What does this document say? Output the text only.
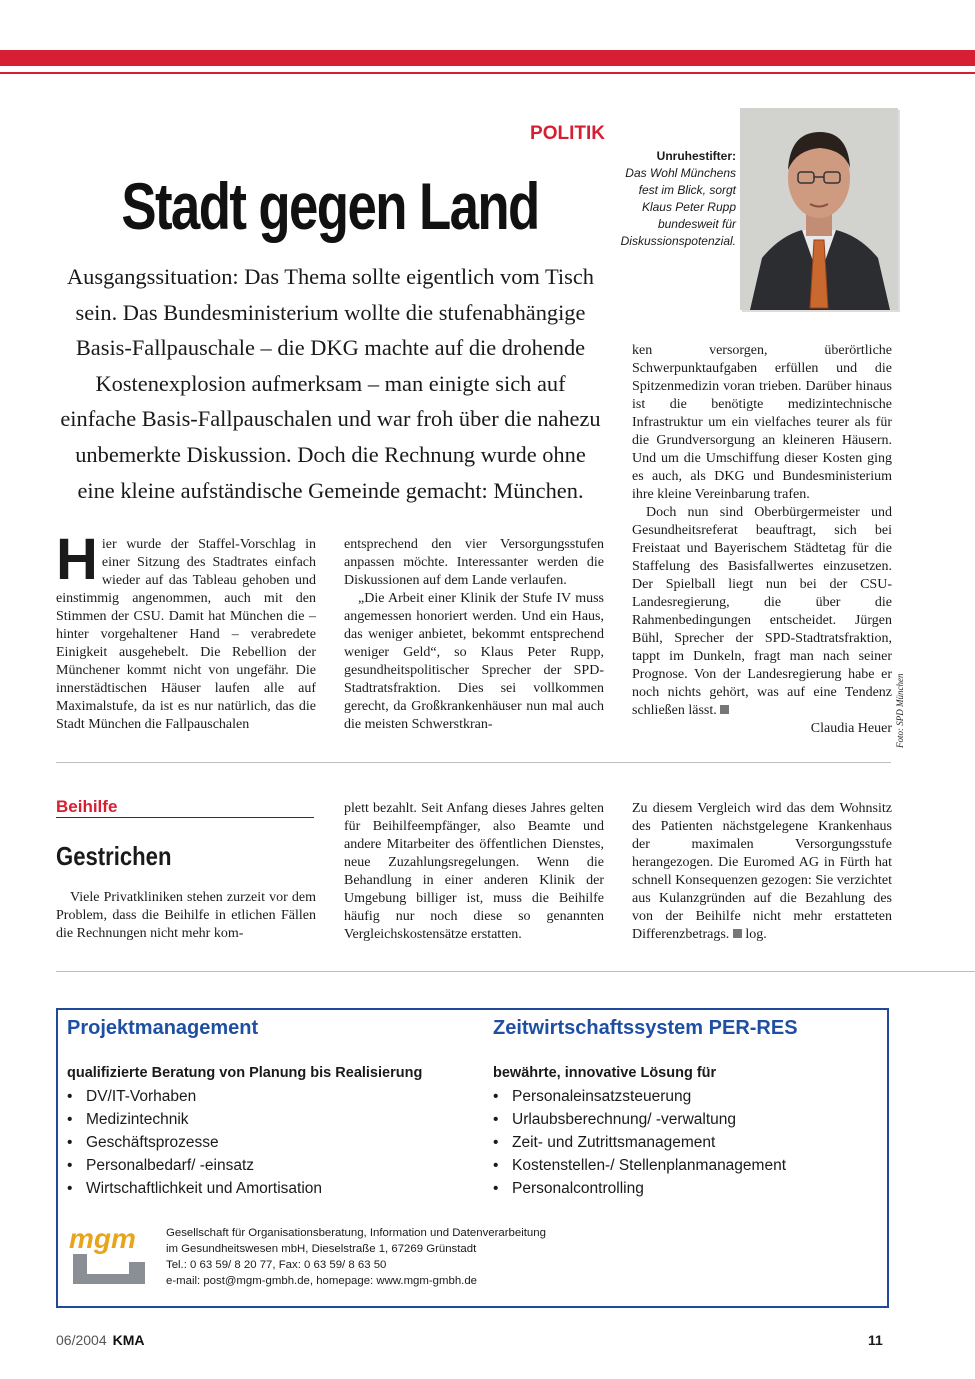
POLITIK
Stadt gegen Land
Ausgangssituation: Das Thema sollte eigentlich vom Tisch sein. Das Bundesministerium wollte die stufenabhängige Basis-Fallpauschale – die DKG machte auf die drohende Kostenexplosion aufmerksam – man einigte sich auf einfache Basis-Fallpauschalen und war froh über die nahezu unbemerkte Diskussion. Doch die Rechnung wurde ohne eine kleine aufständische Gemeinde gemacht: München.
Unruhestifter:
Das Wohl Münchens fest im Blick, sorgt Klaus Peter Rupp bundesweit für Diskussionspotenzial.
Hier wurde der Staffel-Vorschlag in einer Sitzung des Stadtrates einfach wieder auf das Tableau gehoben und einstimmig angenommen, auch mit den Stimmen der CSU. Damit hat München die – hinter vorgehaltener Hand – verabredete Einigkeit ausgehebelt. Die Rebellion der Münchener kommt nicht von ungefähr. Die innerstädtischen Häuser laufen alle auf Maximalstufe, da ist es nur natürlich, das die Stadt München die Fallpauschalen

entsprechend den vier Versorgungsstufen anpassen möchte. Interessanter werden die Diskussionen auf dem Lande verlaufen.

„Die Arbeit einer Klinik der Stufe IV muss angemessen honoriert werden. Und ein Haus, das weniger anbietet, bekommt entsprechend weniger Geld“, so Klaus Peter Rupp, gesundheitspolitischer Sprecher der SPD-Stadtratsfraktion. Dies sei vollkommen gerecht, da Großkrankenhäuser nun mal auch die meisten Schwerstkran-

ken versorgen, überörtliche Schwerpunktaufgaben erfüllen und die Spitzenmedizin voran trieben. Darüber hinaus ist die benötigte medizintechnische Infrastruktur um ein vielfaches teurer als für die Grundversorgung an kleineren Häusern. Und um die Umschiffung dieser Kosten ging es auch, als DKG und Bundesministerium ihre kleine Vereinbarung trafen.

Doch nun sind Oberbürgermeister und Gesundheitsreferat beauftragt, sich bei Freistaat und Bayerischem Städtetag für die Staffelung des Basisfallwertes einzusetzen. Der Spielball liegt nun bei der CSU-Landesregierung, die über die Rahmenbedingungen entscheidet. Jürgen Bühl, Sprecher der SPD-Stadtratsfraktion, tappt im Dunkeln, fragt man nach seiner Prognose. Von der Landesregierung habe er noch nichts gehört, was auf eine Tendenz schließen lässt.

Claudia Heuer Foto: SPD München
Beihilfe
Gestrichen

Viele Privatkliniken stehen zurzeit vor dem Problem, dass die Beihilfe in etlichen Fällen die Rechnungen nicht mehr kom-

plett bezahlt. Seit Anfang dieses Jahres gelten für Beihilfeempfänger, also Beamte und andere Mitarbeiter des öffentlichen Dienstes, neue Zuzahlungsregelungen. Wenn die Behandlung in einer anderen Klinik der Umgebung billiger ist, muss die Beihilfe häufig nur noch diese so genannten Vergleichskostensätze erstatten.

Zu diesem Vergleich wird das dem Wohnsitz des Patienten nächstgelegene Krankenhaus der maximalen Versorgungsstufe herangezogen. Die Euromed AG in Fürth hat schnell Konsequenzen gezogen: Sie verzichtet aus Kulanzgründen auf die Bezahlung des von der Beihilfe nicht mehr erstatteten Differenzbetrags. log.

Projektmanagement
qualifizierte Beratung von Planung bis Realisierung
• DV/IT-Vorhaben
• Medizintechnik
• Geschäftsprozesse
• Personalbedarf/ -einsatz
• Wirtschaftlichkeit und Amortisation
Zeitwirtschaftssystem PER-RES
bewährte, innovative Lösung für
• Personaleinsatzsteuerung
• Urlaubsberechnung/ -verwaltung
• Zeit- und Zutrittsmanagement
• Kostenstellen-/ Stellenplanmanagement
• Personalcontrolling
mgm	Gesellschaft für Organisationsberatung, Information und Datenverarbeitung
im Gesundheitswesen mbH, Dieselstraße 1, 67269 Grünstadt
Tel.: 0 63 59/ 8 20 77, Fax: 0 63 59/ 8 63 50
e-mail: post@mgm-gmbh.de, homepage: www.mgm-gmbh.de
06/2004 KMA	11
